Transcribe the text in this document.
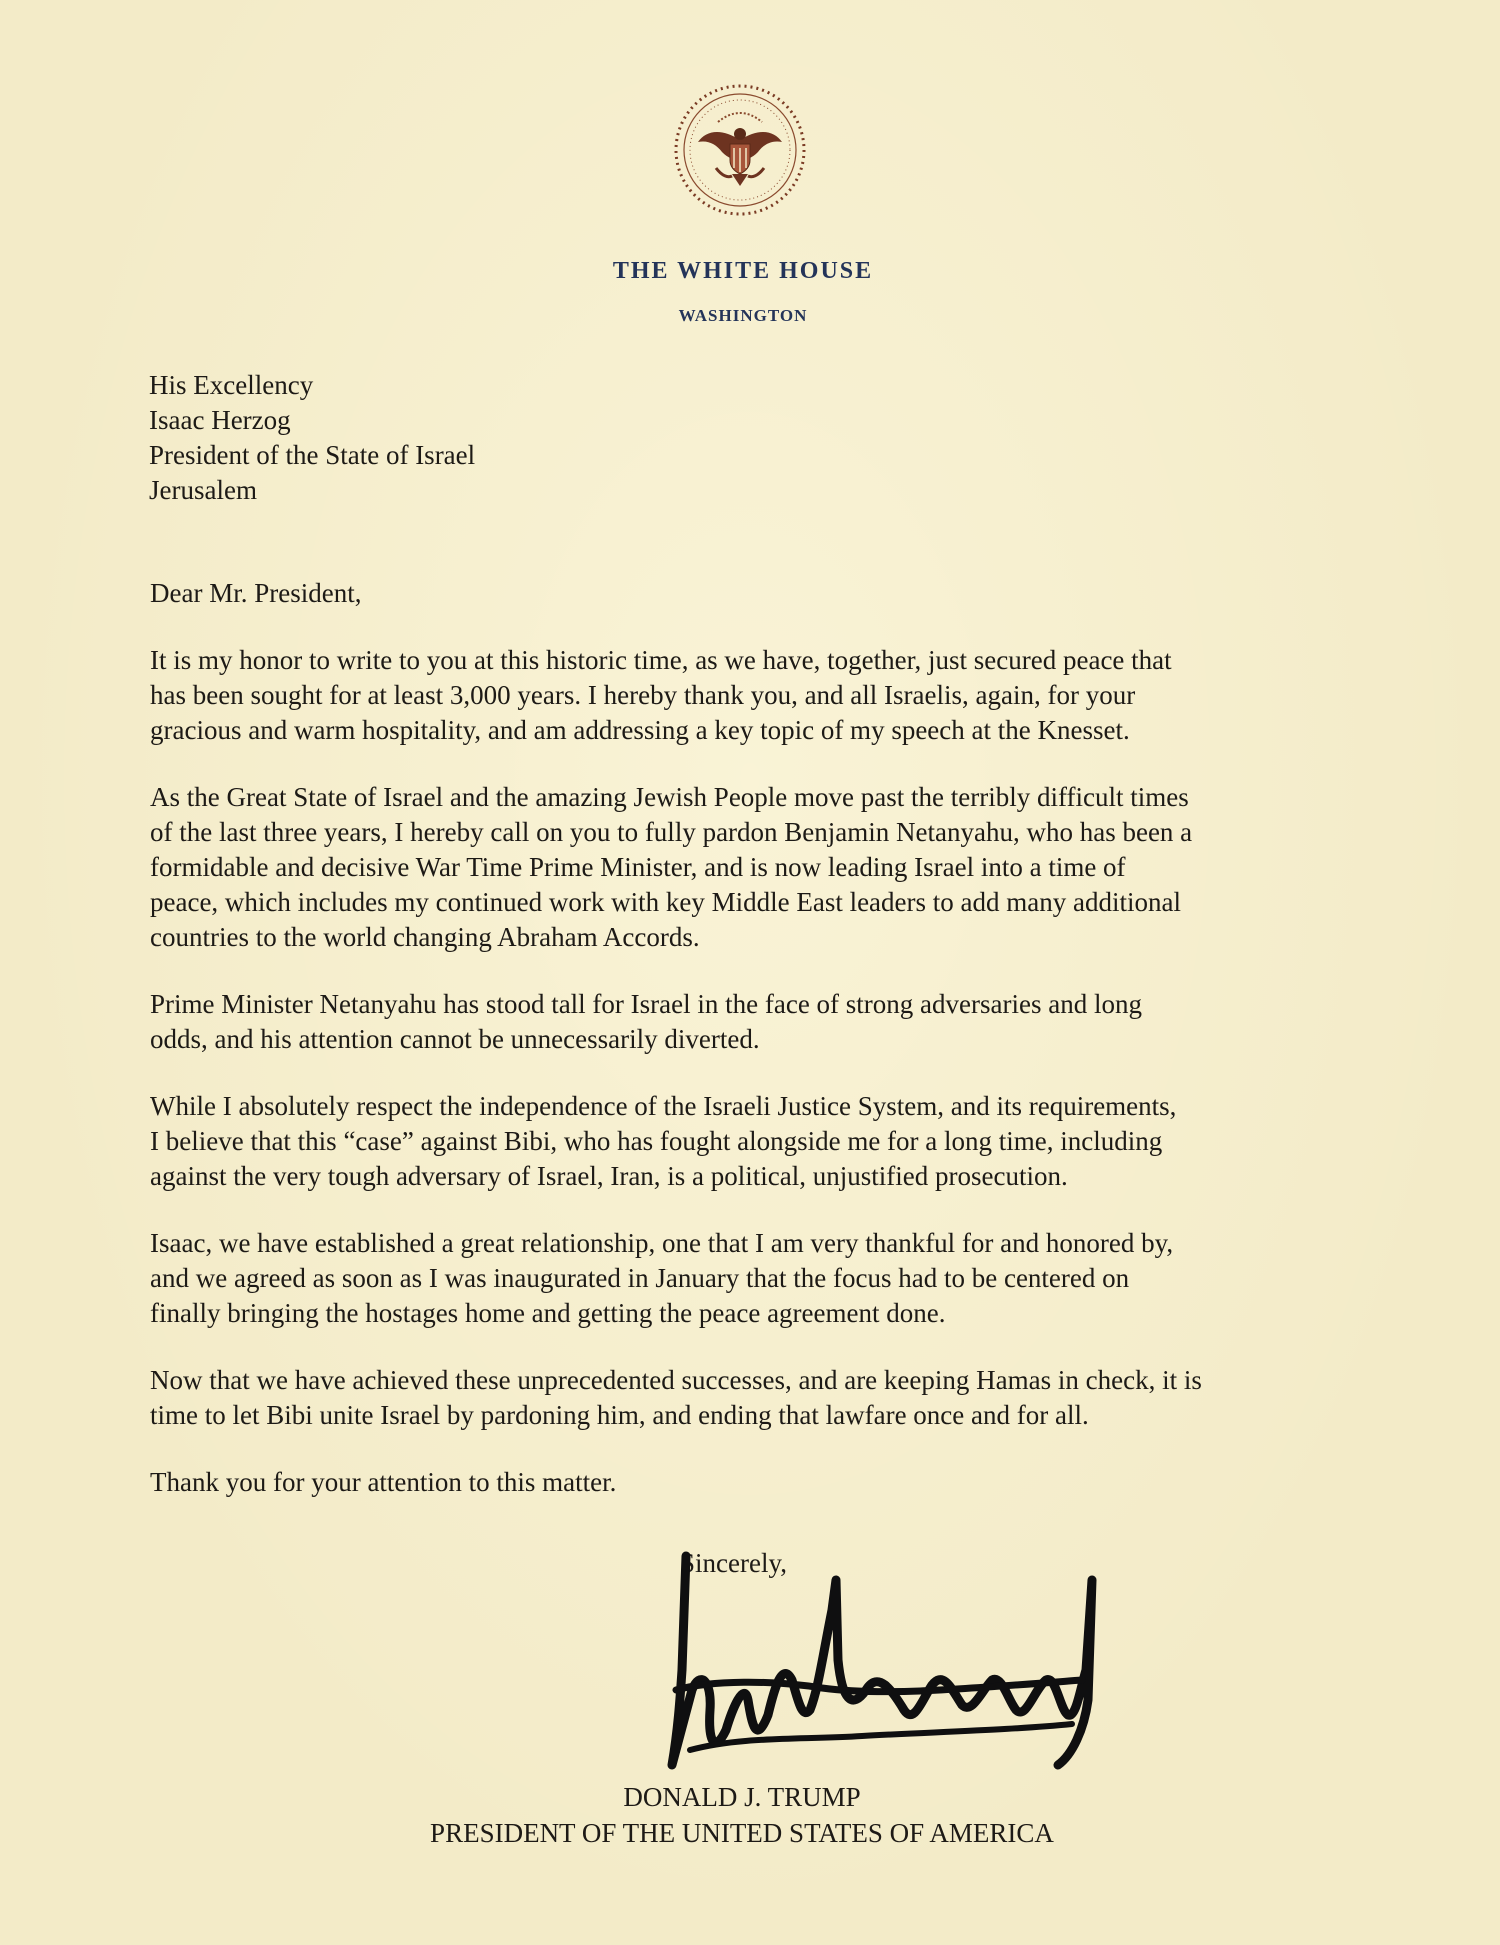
THE WHITE HOUSE
WASHINGTON
His Excellency
Isaac Herzog
President of the State of Israel
Jerusalem
Dear Mr. President,
It is my honor to write to you at this historic time, as we have, together, just secured peace that
has been sought for at least 3,000 years. I hereby thank you, and all Israelis, again, for your
gracious and warm hospitality, and am addressing a key topic of my speech at the Knesset.
As the Great State of Israel and the amazing Jewish People move past the terribly difficult times
of the last three years, I hereby call on you to fully pardon Benjamin Netanyahu, who has been a
formidable and decisive War Time Prime Minister, and is now leading Israel into a time of
peace, which includes my continued work with key Middle East leaders to add many additional
countries to the world changing Abraham Accords.
Prime Minister Netanyahu has stood tall for Israel in the face of strong adversaries and long
odds, and his attention cannot be unnecessarily diverted.
While I absolutely respect the independence of the Israeli Justice System, and its requirements,
I believe that this “case” against Bibi, who has fought alongside me for a long time, including
against the very tough adversary of Israel, Iran, is a political, unjustified prosecution.
Isaac, we have established a great relationship, one that I am very thankful for and honored by,
and we agreed as soon as I was inaugurated in January that the focus had to be centered on
finally bringing the hostages home and getting the peace agreement done.
Now that we have achieved these unprecedented successes, and are keeping Hamas in check, it is
time to let Bibi unite Israel by pardoning him, and ending that lawfare once and for all.
Thank you for your attention to this matter.
Sincerely,
DONALD J. TRUMP
PRESIDENT OF THE UNITED STATES OF AMERICA
